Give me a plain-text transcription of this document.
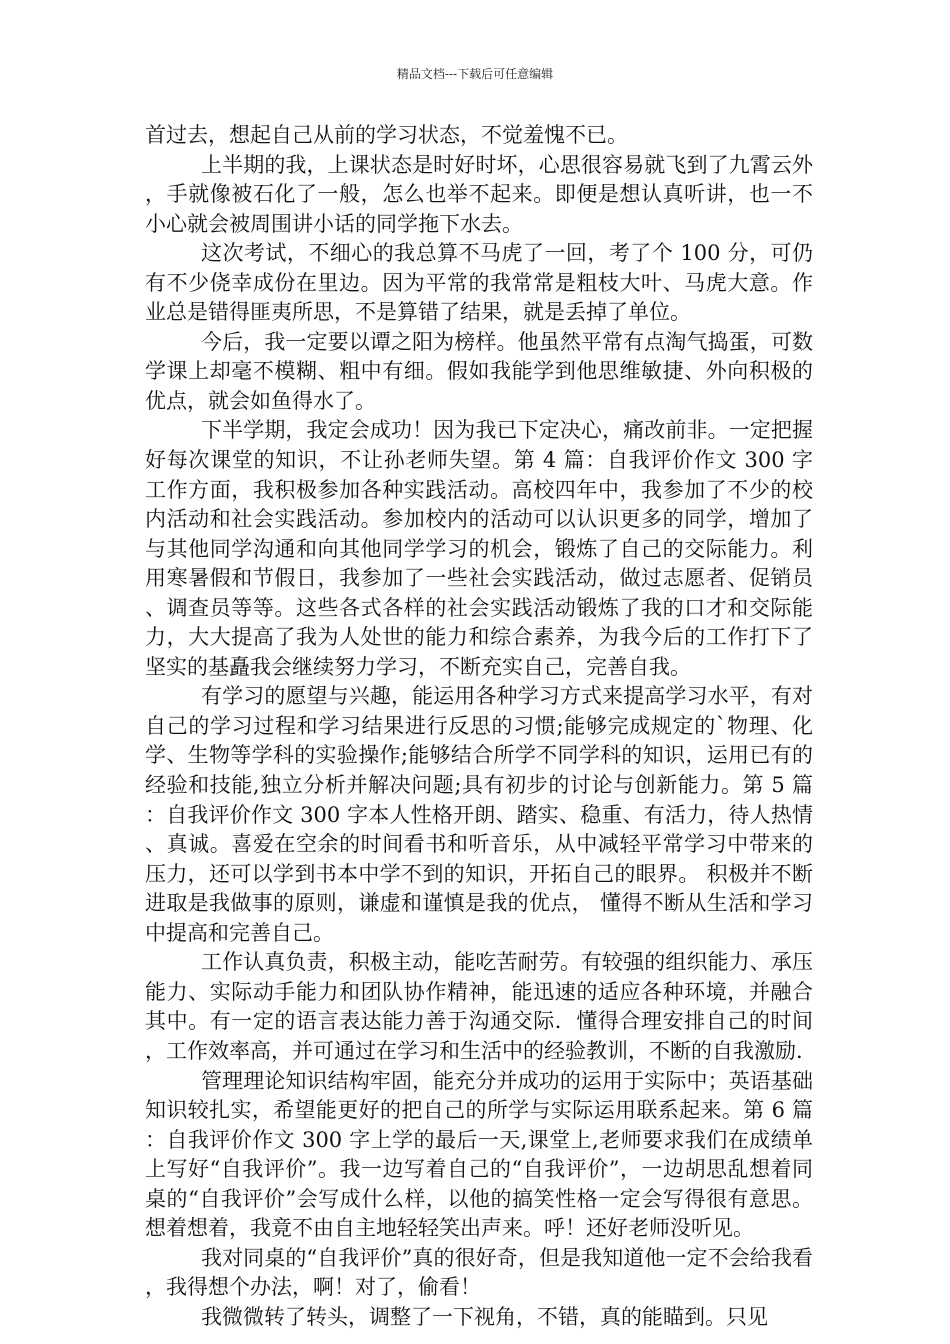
精品文档---下载后可任意编辑

首过去，想起自己从前的学习状态，不觉羞愧不已。

上半期的我，上课状态是时好时坏，心思很容易就飞到了九霄云外，手就像被石化了一般，怎么也举不起来。即便是想认真听讲，也一不小心就会被周围讲小话的同学拖下水去。

这次考试，不细心的我总算不马虎了一回，考了个 100 分，可仍有不少侥幸成份在里边。因为平常的我常常是粗枝大叶、马虎大意。作业总是错得匪夷所思，不是算错了结果，就是丢掉了单位。

今后，我一定要以谭之阳为榜样。他虽然平常有点淘气捣蛋，可数学课上却毫不模糊、粗中有细。假如我能学到他思维敏捷、外向积极的优点，就会如鱼得水了。

下半学期，我定会成功！因为我已下定决心，痛改前非。一定把握好每次课堂的知识，不让孙老师失望。第 4 篇：自我评价作文 300 字工作方面，我积极参加各种实践活动。高校四年中，我参加了不少的校内活动和社会实践活动。参加校内的活动可以认识更多的同学，增加了与其他同学沟通和向其他同学学习的机会，锻炼了自己的交际能力。利用寒暑假和节假日，我参加了一些社会实践活动，做过志愿者、促销员、调查员等等。这些各式各样的社会实践活动锻炼了我的口才和交际能力，大大提高了我为人处世的能力和综合素养，为我今后的工作打下了坚实的基矗我会继续努力学习，不断充实自己，完善自我。

有学习的愿望与兴趣，能运用各种学习方式来提高学习水平，有对自己的学习过程和学习结果进行反思的习惯;能够完成规定的`物理、化学、生物等学科的实验操作;能够结合所学不同学科的知识，运用已有的经验和技能,独立分析并解决问题;具有初步的讨论与创新能力。第 5 篇：自我评价作文 300 字本人性格开朗、踏实、稳重、有活力，待人热情、真诚。喜爱在空余的时间看书和听音乐，从中减轻平常学习中带来的压力，还可以学到书本中学不到的知识，开拓自己的眼界。 积极并不断进取是我做事的原则，谦虚和谨慎是我的优点， 懂得不断从生活和学习中提高和完善自己。

工作认真负责，积极主动，能吃苦耐劳。有较强的组织能力、承压能力、实际动手能力和团队协作精神，能迅速的适应各种环境，并融合其中。有一定的语言表达能力善于沟通交际．懂得合理安排自己的时间，工作效率高，并可通过在学习和生活中的经验教训，不断的自我激励.

管理理论知识结构牢固，能充分并成功的运用于实际中；英语基础知识较扎实，希望能更好的把自己的所学与实际运用联系起来。第 6 篇：自我评价作文 300 字上学的最后一天,课堂上,老师要求我们在成绩单上写好“自我评价”。我一边写着自己的“自我评价”，一边胡思乱想着同桌的“自我评价”会写成什么样，以他的搞笑性格一定会写得很有意思。想着想着，我竟不由自主地轻轻笑出声来。呼！还好老师没听见。

我对同桌的“自我评价”真的很好奇，但是我知道他一定不会给我看，我得想个办法，啊！对了，偷看！

我微微转了转头，调整了一下视角，不错，真的能瞄到。只见
